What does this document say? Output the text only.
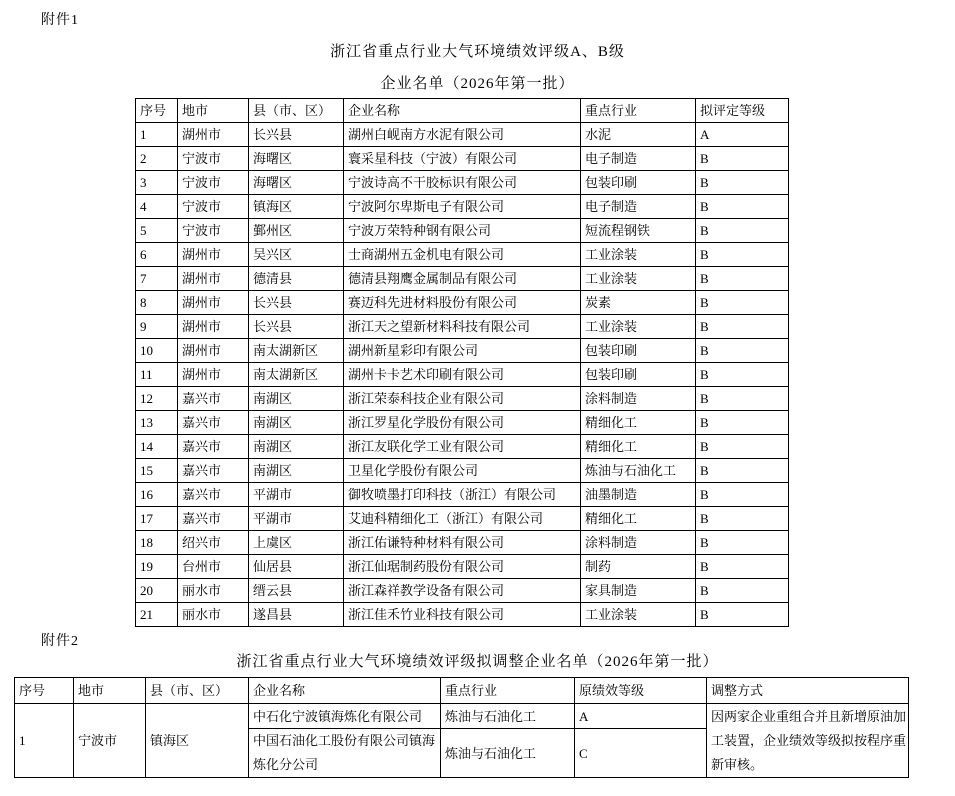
附件1
浙江省重点行业大气环境绩效评级A、B级
企业名单（2026年第一批）
序号	地市	县（市、区）	企业名称	重点行业	拟评定等级
1	湖州市	长兴县	湖州白岘南方水泥有限公司	水泥	A
2	宁波市	海曙区	寰采星科技（宁波）有限公司	电子制造	B
3	宁波市	海曙区	宁波诗高不干胶标识有限公司	包装印刷	B
4	宁波市	镇海区	宁波阿尔卑斯电子有限公司	电子制造	B
5	宁波市	鄞州区	宁波万荣特种钢有限公司	短流程钢铁	B
6	湖州市	吴兴区	士商湖州五金机电有限公司	工业涂装	B
7	湖州市	德清县	德清县翔鹰金属制品有限公司	工业涂装	B
8	湖州市	长兴县	赛迈科先进材料股份有限公司	炭素	B
9	湖州市	长兴县	浙江天之望新材料科技有限公司	工业涂装	B
10	湖州市	南太湖新区	湖州新星彩印有限公司	包装印刷	B
11	湖州市	南太湖新区	湖州卡卡艺术印刷有限公司	包装印刷	B
12	嘉兴市	南湖区	浙江荣泰科技企业有限公司	涂料制造	B
13	嘉兴市	南湖区	浙江罗星化学股份有限公司	精细化工	B
14	嘉兴市	南湖区	浙江友联化学工业有限公司	精细化工	B
15	嘉兴市	南湖区	卫星化学股份有限公司	炼油与石油化工	B
16	嘉兴市	平湖市	御牧喷墨打印科技（浙江）有限公司	油墨制造	B
17	嘉兴市	平湖市	艾迪科精细化工（浙江）有限公司	精细化工	B
18	绍兴市	上虞区	浙江佑谦特种材料有限公司	涂料制造	B
19	台州市	仙居县	浙江仙琚制药股份有限公司	制药	B
20	丽水市	缙云县	浙江森祥教学设备有限公司	家具制造	B
21	丽水市	遂昌县	浙江佳禾竹业科技有限公司	工业涂装	B
附件2
浙江省重点行业大气环境绩效评级拟调整企业名单（2026年第一批）
序号	地市	县（市、区）	企业名称	重点行业	原绩效等级	调整方式
1	宁波市	镇海区	中石化宁波镇海炼化有限公司	炼油与石油化工	A	因两家企业重组合并且新增原油加工装置，企业绩效等级拟按程序重新审核。
			中国石油化工股份有限公司镇海炼化分公司	炼油与石油化工	C	
